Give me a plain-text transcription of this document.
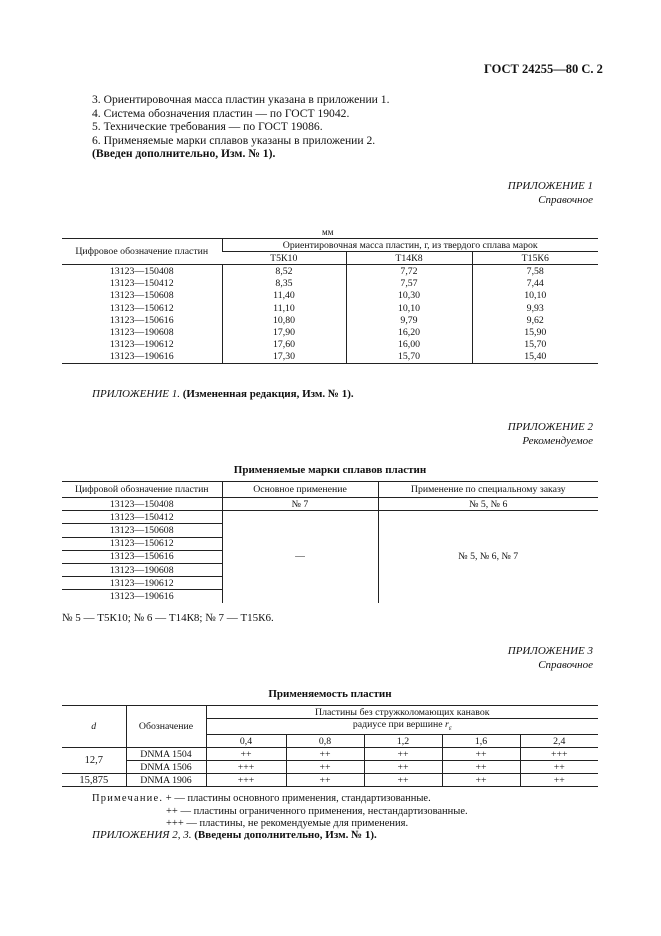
ГОСТ 24255—80 С. 2
3. Ориентировочная масса пластин указана в приложении 1.
4. Система обозначения пластин — по ГОСТ 19042.
5. Технические требования — по ГОСТ 19086.
6. Применяемые марки сплавов указаны в приложении 2.
(Введен дополнительно, Изм. № 1).
ПРИЛОЖЕНИЕ 1
Справочное
мм
Цифровое обозначение пластин	Ориентировочная масса пластин, г, из твердого сплава марок		
	Т5К10	Т14К8	Т15К6
13123—150408	8,52	7,72	7,58
13123—150412	8,35	7,57	7,44
13123—150608	11,40	10,30	10,10
13123—150612	11,10	10,10	9,93
13123—150616	10,80	9,79	9,62
13123—190608	17,90	16,20	15,90
13123—190612	17,60	16,00	15,70
13123—190616	17,30	15,70	15,40
ПРИЛОЖЕНИЕ 1. (Измененная редакция, Изм. № 1).
ПРИЛОЖЕНИЕ 2
Рекомендуемое
Применяемые марки сплавов пластин
Цифровой обозначение пластин	Основное применение	Применение по специальному заказу
13123—150408	№ 7	№ 5, № 6
13123—150412	—	№ 5, № 6, № 7
13123—150608		
13123—150612		
13123—150616		
13123—190608		
13123—190612		
13123—190616		
№ 5 — Т5К10; № 6 — Т14К8; № 7 — Т15К6.
ПРИЛОЖЕНИЕ 3
Справочное
Применяемость пластин
d	Обозначение	Пластины без стружколомающих канавок				
		радиусе при вершине $r_\varepsilon$
		0,4	0,8	1,2	1,6	2,4
12,7	DNMA 1504	++	++	++	++	+++
	DNMA 1506	+++	++	++	++	++
15,875	DNMA 1906	+++	++	++	++	++
Примечание. + — пластины основного применения, стандартизованные.
++ — пластины ограниченного применения, нестандартизованные.
+++ — пластины, не рекомендуемые для применения.
ПРИЛОЖЕНИЯ 2, 3. (Введены дополнительно, Изм. № 1).
